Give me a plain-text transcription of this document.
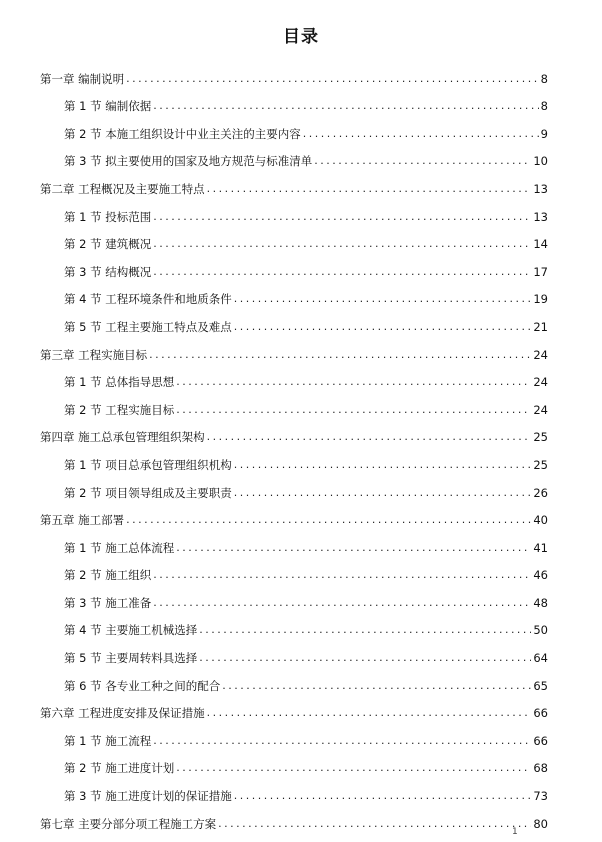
目录
第一章 编制说明 . . .	8
第 1 节 编制依据 . . .	8
第 2 节 本施工组织设计中业主关注的主要内容 . . .	9
第 3 节 拟主要使用的国家及地方规范与标准清单 . . .	10
第二章 工程概况及主要施工特点 . . .	13
第 1 节 投标范围 . . .	13
第 2 节 建筑概况 . . .	14
第 3 节 结构概况 . . .	17
第 4 节 工程环境条件和地质条件 . . .	19
第 5 节 工程主要施工特点及难点 . . .	21
第三章 工程实施目标 . . .	24
第 1 节 总体指导思想 . . .	24
第 2 节 工程实施目标 . . .	24
第四章 施工总承包管理组织架构 . . .	25
第 1 节 项目总承包管理组织机构 . . .	25
第 2 节 项目领导组成及主要职责 . . .	26
第五章 施工部署 . . .	40
第 1 节 施工总体流程 . . .	41
第 2 节 施工组织 . . .	46
第 3 节 施工准备 . . .	48
第 4 节 主要施工机械选择 . . .	50
第 5 节 主要周转料具选择 . . .	64
第 6 节 各专业工种之间的配合 . . .	65
第六章 工程进度安排及保证措施 . . .	66
第 1 节 施工流程 . . .	66
第 2 节 施工进度计划 . . .	68
第 3 节 施工进度计划的保证措施 . . .	73
第七章 主要分部分项工程施工方案 . . .	80
1
